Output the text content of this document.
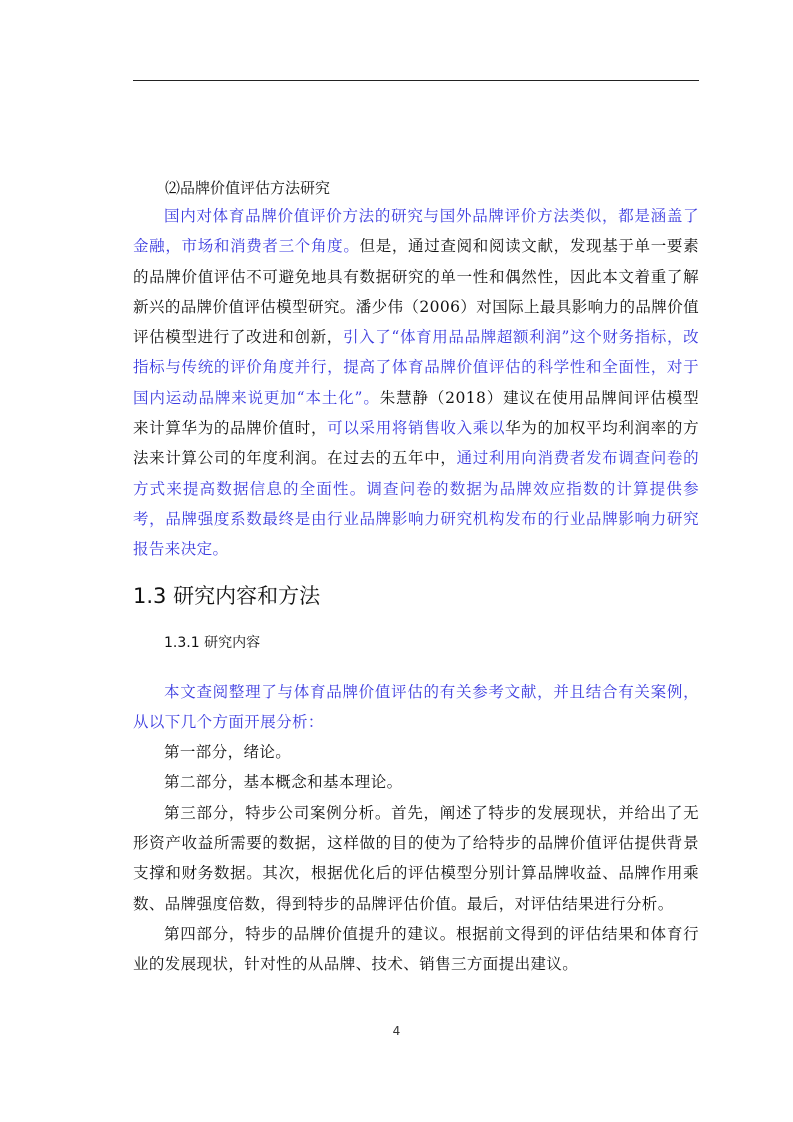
⑵品牌价值评估方法研究

国内对体育品牌价值评价方法的研究与国外品牌评价方法类似，都是涵盖了金融，市场和消费者三个角度。但是，通过查阅和阅读文献，发现基于单一要素的品牌价值评估不可避免地具有数据研究的单一性和偶然性，因此本文着重了解新兴的品牌价值评估模型研究。潘少伟（2006）对国际上最具影响力的品牌价值评估模型进行了改进和创新，引入了“体育用品品牌超额利润”这个财务指标，改指标与传统的评价角度并行，提高了体育品牌价值评估的科学性和全面性，对于国内运动品牌来说更加“本土化”。朱慧静（2018）建议在使用品牌间评估模型来计算华为的品牌价值时，可以采用将销售收入乘以华为的加权平均利润率的方法来计算公司的年度利润。在过去的五年中，通过利用向消费者发布调查问卷的方式来提高数据信息的全面性。调查问卷的数据为品牌效应指数的计算提供参考，品牌强度系数最终是由行业品牌影响力研究机构发布的行业品牌影响力研究报告来决定。

1.3 研究内容和方法
1.3.1 研究内容

本文查阅整理了与体育品牌价值评估的有关参考文献，并且结合有关案例，从以下几个方面开展分析：

第一部分，绪论。

第二部分，基本概念和基本理论。

第三部分，特步公司案例分析。首先，阐述了特步的发展现状，并给出了无形资产收益所需要的数据，这样做的目的使为了给特步的品牌价值评估提供背景支撑和财务数据。其次，根据优化后的评估模型分别计算品牌收益、品牌作用乘数、品牌强度倍数，得到特步的品牌评估价值。最后，对评估结果进行分析。

第四部分，特步的品牌价值提升的建议。根据前文得到的评估结果和体育行业的发展现状，针对性的从品牌、技术、销售三方面提出建议。

4
